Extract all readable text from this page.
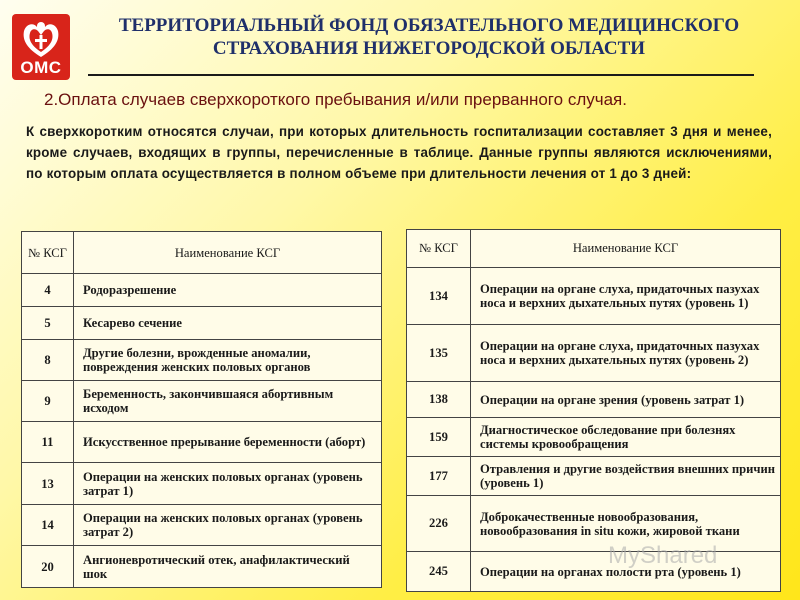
ОМС
ТЕРРИТОРИАЛЬНЫЙ ФОНД ОБЯЗАТЕЛЬНОГО МЕДИЦИНСКОГО
СТРАХОВАНИЯ НИЖЕГОРОДСКОЙ ОБЛАСТИ
2.Оплата случаев сверхкороткого пребывания и/или прерванного случая.

К сверхкоротким относятся случаи, при которых длительность госпитализации составляет 3 дня и менее, кроме случаев, входящих в группы, перечисленные в таблице. Данные группы являются исключениями, по которым оплата осуществляется в полном объеме при длительности лечения от 1 до 3 дней:

№ КСГ	Наименование КСГ
4	Родоразрешение
5	Кесарево сечение
8	Другие болезни, врожденные аномалии, повреждения женских половых органов
9	Беременность, закончившаяся абортивным исходом
11	Искусственное прерывание беременности (аборт)
13	Операции на женских половых органах (уровень затрат 1)
14	Операции на женских половых органах (уровень затрат 2)
20	Ангионевротический отек, анафилактический шок
№ КСГ	Наименование КСГ
134	Операции на органе слуха, придаточных пазухах носа и верхних дыхательных путях (уровень 1)
135	Операции на органе слуха, придаточных пазухах носа и верхних дыхательных путях (уровень 2)
138	Операции на органе зрения (уровень затрат 1)
159	Диагностическое обследование при болезнях системы кровообращения
177	Отравления и другие воздействия внешних причин (уровень 1)
226	Доброкачественные новообразования, новообразования in situ кожи, жировой ткани
245	Операции на органах полости рта (уровень 1)
MyShared
